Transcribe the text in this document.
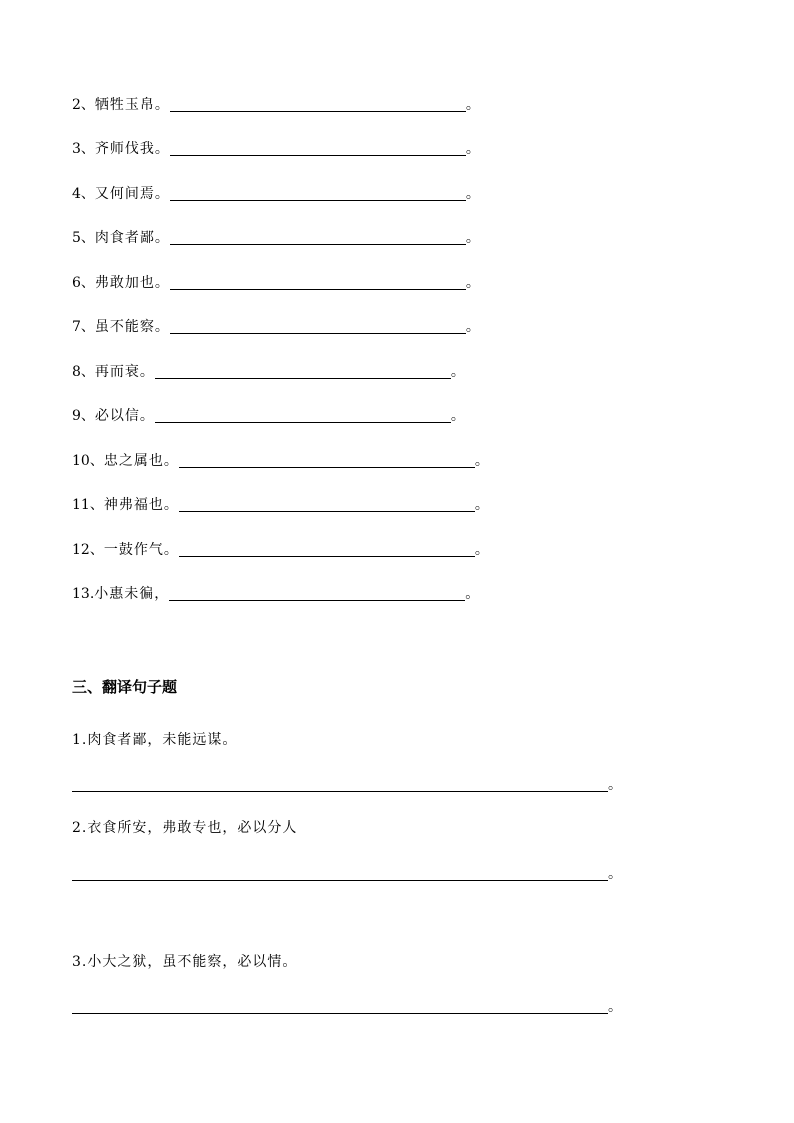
2、 牺牲玉帛。	。
3、 齐师伐我。	。
4、 又何间焉。	。
5、 肉食者鄙。	。
6、 弗敢加也。	。
7、 虽不能察。	。
8、 再而衰。	。
9、 必以信。	。
10、 忠之属也。	。
11、 神弗福也。	。
12、 一鼓作气。	。
13. 小惠未徧，	。
三、翻译句子题
1.肉食者鄙，未能远谋。
。
2.衣食所安，弗敢专也，必以分人
。
3.小大之狱，虽不能察，必以情。
。
